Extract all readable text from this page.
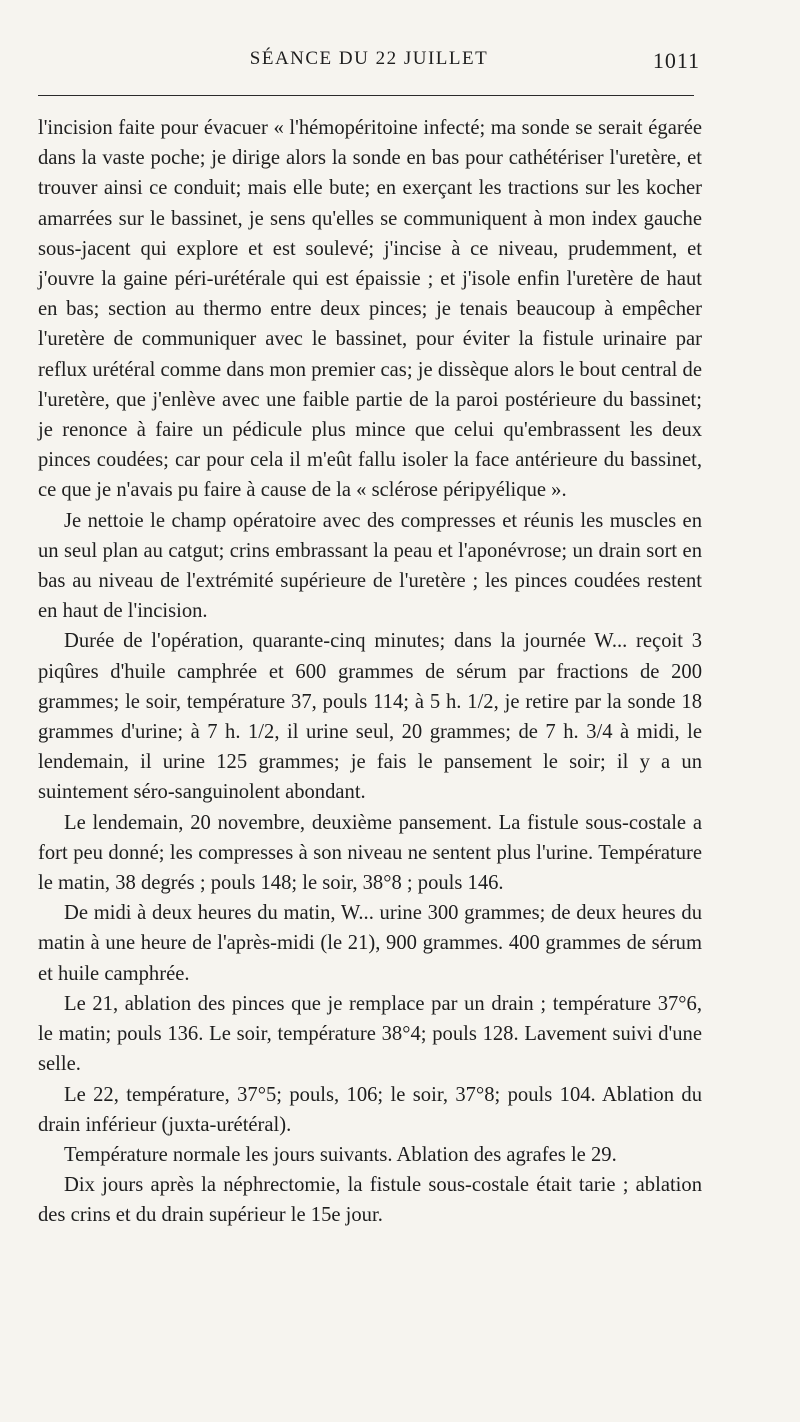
SÉANCE DU 22 JUILLET	1011

l'incision faite pour évacuer « l'hémopéritoine infecté; ma sonde se serait égarée dans la vaste poche; je dirige alors la sonde en bas pour cathétériser l'uretère, et trouver ainsi ce conduit; mais elle bute; en exerçant les tractions sur les kocher amarrées sur le bassinet, je sens qu'elles se communiquent à mon index gauche sous-jacent qui explore et est soulevé; j'incise à ce niveau, prudemment, et j'ouvre la gaine péri-urétérale qui est épaissie ; et j'isole enfin l'uretère de haut en bas; section au thermo entre deux pinces; je tenais beaucoup à empêcher l'uretère de communiquer avec le bassinet, pour éviter la fistule urinaire par reflux urétéral comme dans mon premier cas; je dissèque alors le bout central de l'uretère, que j'enlève avec une faible partie de la paroi postérieure du bassinet; je renonce à faire un pédicule plus mince que celui qu'embrassent les deux pinces coudées; car pour cela il m'eût fallu isoler la face antérieure du bassinet, ce que je n'avais pu faire à cause de la « sclérose péripyélique ».

Je nettoie le champ opératoire avec des compresses et réunis les muscles en un seul plan au catgut; crins embrassant la peau et l'aponévrose; un drain sort en bas au niveau de l'extrémité supérieure de l'uretère ; les pinces coudées restent en haut de l'incision.

Durée de l'opération, quarante-cinq minutes; dans la journée W... reçoit 3 piqûres d'huile camphrée et 600 grammes de sérum par fractions de 200 grammes; le soir, température 37, pouls 114; à 5 h. 1/2, je retire par la sonde 18 grammes d'urine; à 7 h. 1/2, il urine seul, 20 grammes; de 7 h. 3/4 à midi, le lendemain, il urine 125 grammes; je fais le pansement le soir; il y a un suintement séro-sanguinolent abondant.

Le lendemain, 20 novembre, deuxième pansement. La fistule sous-costale a fort peu donné; les compresses à son niveau ne sentent plus l'urine. Température le matin, 38 degrés ; pouls 148; le soir, 38°8 ; pouls 146.

De midi à deux heures du matin, W... urine 300 grammes; de deux heures du matin à une heure de l'après-midi (le 21), 900 grammes. 400 grammes de sérum et huile camphrée.

Le 21, ablation des pinces que je remplace par un drain ; température 37°6, le matin; pouls 136. Le soir, température 38°4; pouls 128. Lavement suivi d'une selle.

Le 22, température, 37°5; pouls, 106; le soir, 37°8; pouls 104. Ablation du drain inférieur (juxta-urétéral).

Température normale les jours suivants. Ablation des agrafes le 29.

Dix jours après la néphrectomie, la fistule sous-costale était tarie ; ablation des crins et du drain supérieur le 15e jour.
